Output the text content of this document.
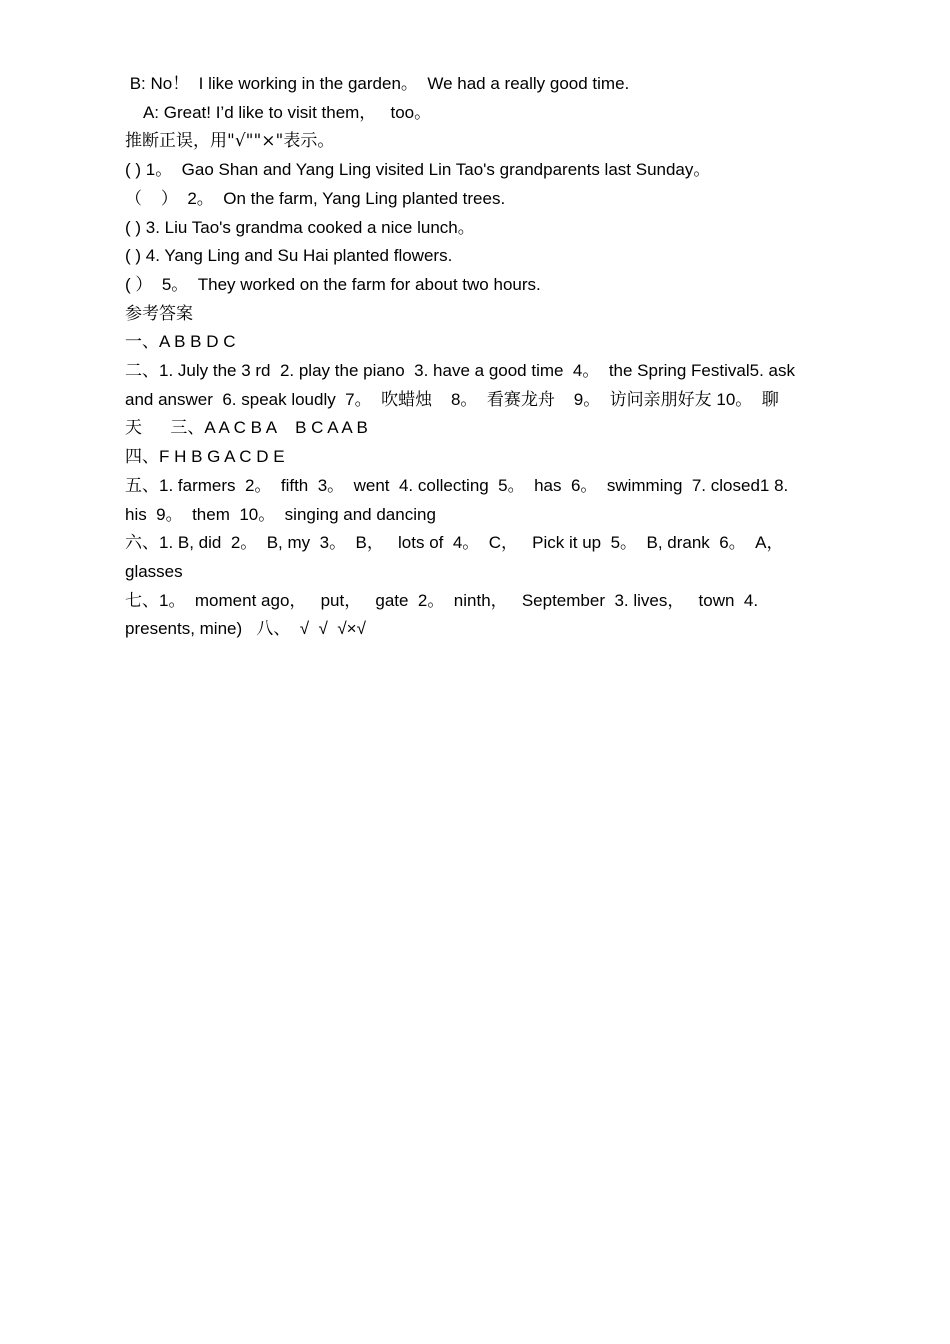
B: No！  I like working in the garden。  We had a really good time.

A: Great! I’d like to visit them，   too。

推断正误，用"√""×"表示。

( ) 1。  Gao Shan and Yang Ling visited Lin Tao's grandparents last Sunday。

（    ）  2。  On the farm, Yang Ling planted trees.

( ) 3. Liu Tao's grandma cooked a nice lunch。

( ) 4. Yang Ling and Su Hai planted flowers.

( ）  5。  They worked on the farm for about two hours.

参考答案

一、A B B D C

二、1. July the 3 rd  2. play the piano  3. have a good time  4。  the Spring Festival5. ask

and answer  6. speak loudly  7。  吹蜡烛    8。  看赛龙舟    9。  访问亲朋好友 10。  聊

天      三、A A C B A    B C A A B

四、F H B G A C D E

五、1. farmers  2。  fifth  3。  went  4. collecting  5。  has  6。  swimming  7. closed1 8.

his  9。  them  10。  singing and dancing

六、1. B, did  2。  B, my  3。  B，   lots of  4。  C，   Pick it up  5。  B, drank  6。  A，

glasses

七、1。  moment ago，   put，   gate  2。  ninth，   September  3. lives，   town  4.

presents, mine)   八、  √  √  √×√
